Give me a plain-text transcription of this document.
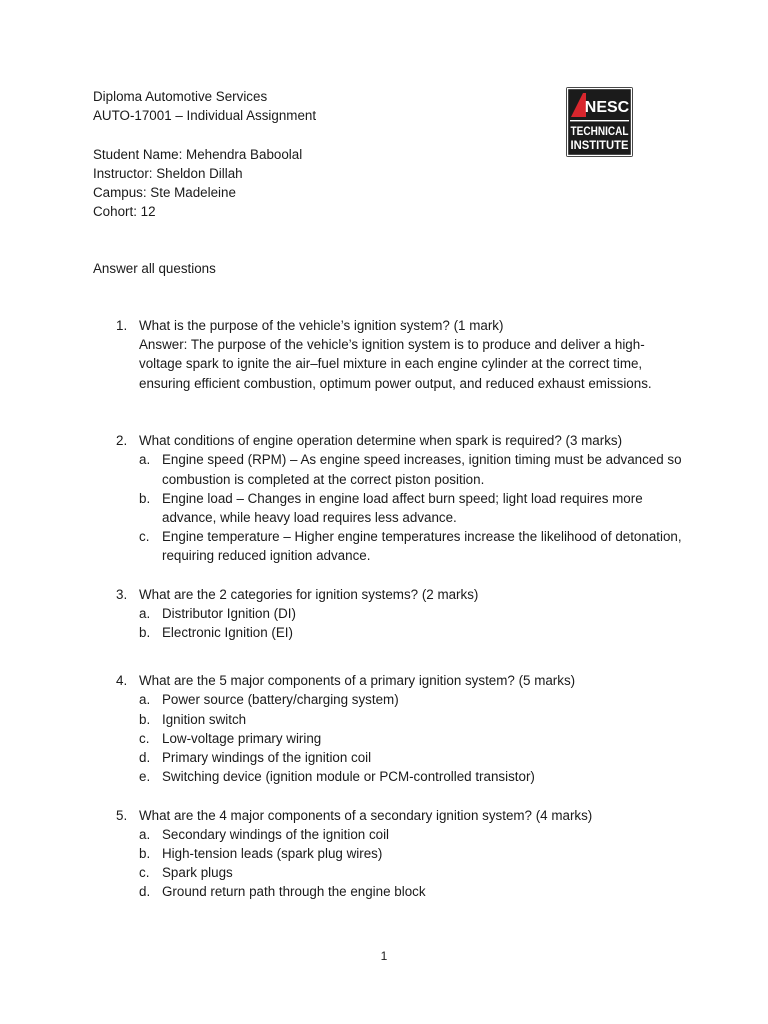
Diploma Automotive Services
AUTO-17001 – Individual Assignment
Student Name: Mehendra Baboolal
Instructor: Sheldon Dillah
Campus: Ste Madeleine
Cohort: 12
NESC
TECHNICAL
INSTITUTE
Answer all questions
1. What is the purpose of the vehicle’s ignition system? (1 mark)
Answer: The purpose of the vehicle’s ignition system is to produce and deliver a high-voltage spark to ignite the air–fuel mixture in each engine cylinder at the correct time, ensuring efficient combustion, optimum power output, and reduced exhaust emissions.
2. What conditions of engine operation determine when spark is required? (3 marks)
a. Engine speed (RPM) – As engine speed increases, ignition timing must be advanced so combustion is completed at the correct piston position.
b. Engine load – Changes in engine load affect burn speed; light load requires more advance, while heavy load requires less advance.
c. Engine temperature – Higher engine temperatures increase the likelihood of detonation, requiring reduced ignition advance.
3. What are the 2 categories for ignition systems? (2 marks)
a. Distributor Ignition (DI)
b. Electronic Ignition (EI)
4. What are the 5 major components of a primary ignition system? (5 marks)
a. Power source (battery/charging system)
b. Ignition switch
c. Low-voltage primary wiring
d. Primary windings of the ignition coil
e. Switching device (ignition module or PCM-controlled transistor)
5. What are the 4 major components of a secondary ignition system? (4 marks)
a. Secondary windings of the ignition coil
b. High-tension leads (spark plug wires)
c. Spark plugs
d. Ground return path through the engine block
1
